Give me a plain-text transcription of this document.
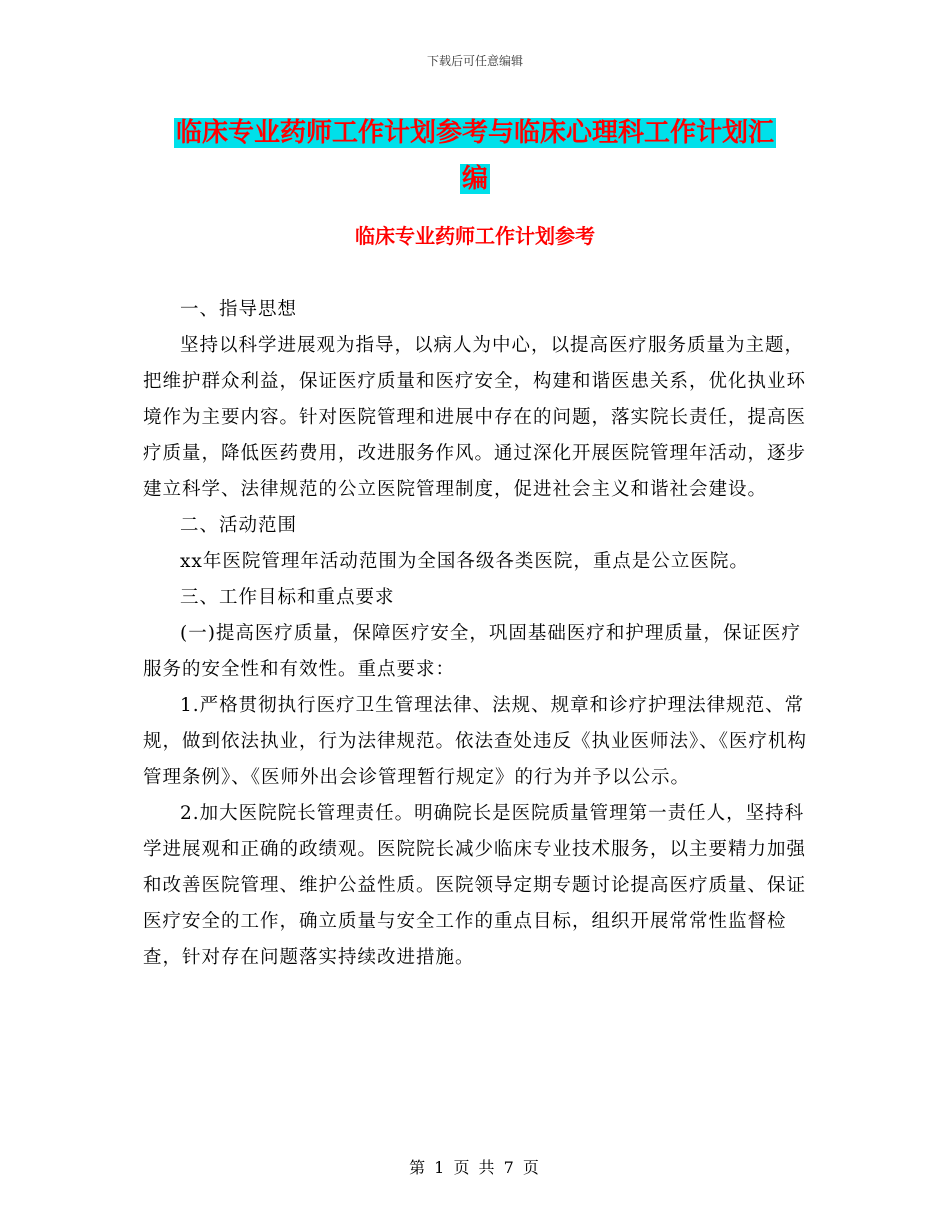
下载后可任意编辑
临床专业药师工作计划参考与临床心理科工作计划汇
编
临床专业药师工作计划参考

一、指导思想

坚持以科学进展观为指导，以病人为中心，以提高医疗服务质量为主题，把维护群众利益，保证医疗质量和医疗安全，构建和谐医患关系，优化执业环境作为主要内容。针对医院管理和进展中存在的问题，落实院长责任，提高医疗质量，降低医药费用，改进服务作风。通过深化开展医院管理年活动，逐步建立科学、法律规范的公立医院管理制度，促进社会主义和谐社会建设。

二、活动范围

xx年医院管理年活动范围为全国各级各类医院，重点是公立医院。

三、工作目标和重点要求

(一)提高医疗质量，保障医疗安全，巩固基础医疗和护理质量，保证医疗服务的安全性和有效性。重点要求：

1.严格贯彻执行医疗卫生管理法律、法规、规章和诊疗护理法律规范、常规，做到依法执业，行为法律规范。依法查处违反《执业医师法》、《医疗机构管理条例》、《医师外出会诊管理暂行规定》的行为并予以公示。

2.加大医院院长管理责任。明确院长是医院质量管理第一责任人，坚持科学进展观和正确的政绩观。医院院长减少临床专业技术服务，以主要精力加强和改善医院管理、维护公益性质。医院领导定期专题讨论提高医疗质量、保证医疗安全的工作，确立质量与安全工作的重点目标，组织开展常常性监督检查，针对存在问题落实持续改进措施。

第 1 页 共 7 页
